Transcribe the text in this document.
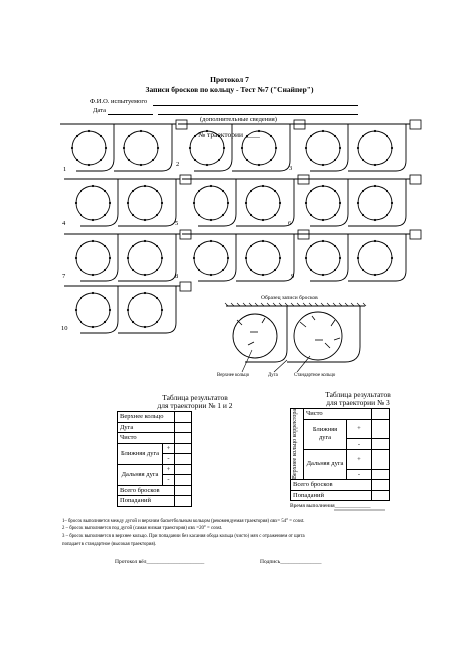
Протокол 7
Записи бросков по кольцу - Тест №7 ("Снайпер")
Ф.И.О. испытуемого
Дата
(дополнительные сведения)
№ траектории ____
1
2
3
4	5	6
7	8	9
10
Образец записи бросков
Верхнее кольцо	Дуга	Стандартное кольцо
Таблица результатов
для траектории № 1 и 2
Верхнее кольцо		
Дуга		
Чисто		
Ближняя дуга	+	
	-	
Дальняя дуга	+	
	-	
Всего бросков		
Попаданий		
Таблица результатов
для траектории № 3
Верхнее кольцо корректора	Чисто		
	Ближняя дуга	+	
		-	
	Дальняя дуга	+	
		-	
Всего бросков			
Попаданий			
Время выполнения_____________
1– бросок выполняется между дугой и верхним баскетбольным кольцом (рекомендуемая траектория) αвх= 54° = const.
2 – бросок выполняется под дугой (самая низкая траектория) αвх =20° = const.
3 – бросок выполняется в верхнее кольцо. При попадании без касания обода кольца (чисто) мяч с отражением от щита
попадает в стандартное (высокая траектория).
Протокол вёл_____________________	Подпись_______________
